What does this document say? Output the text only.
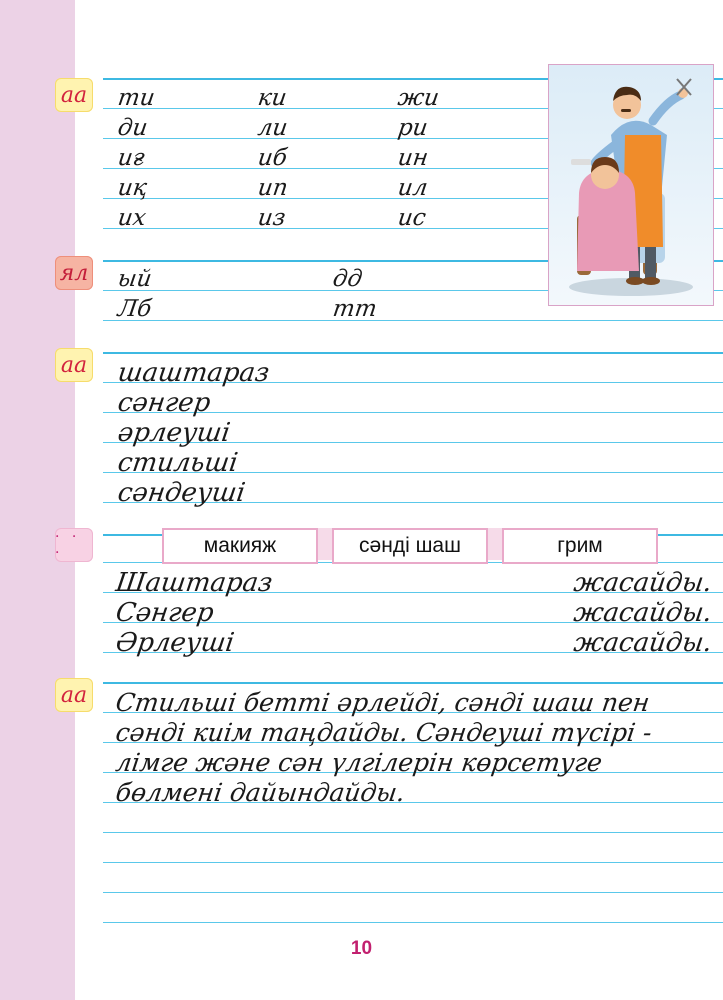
аа
ял
аа
· · ·
аа
ти	ки	жи
ди	ли	ри
иғ	иб	ин
иқ	ип	ил
их	из	ис
ый	дд
Лб	тт
шаштараз
сәнгер
әрлеуші
стильші
сәндеуші
макияж	сәнді шаш	грим
Шаштараз	жасайды.
Сәнгер	жасайды.
Әрлеуші	жасайды.
Стильші бетті әрлейді, сәнді шаш пен
сәнді киім таңдайды. Сәндеуші түсірі -
лімге және сән үлгілерін көрсетуге
бөлмені дайындайды.
10
